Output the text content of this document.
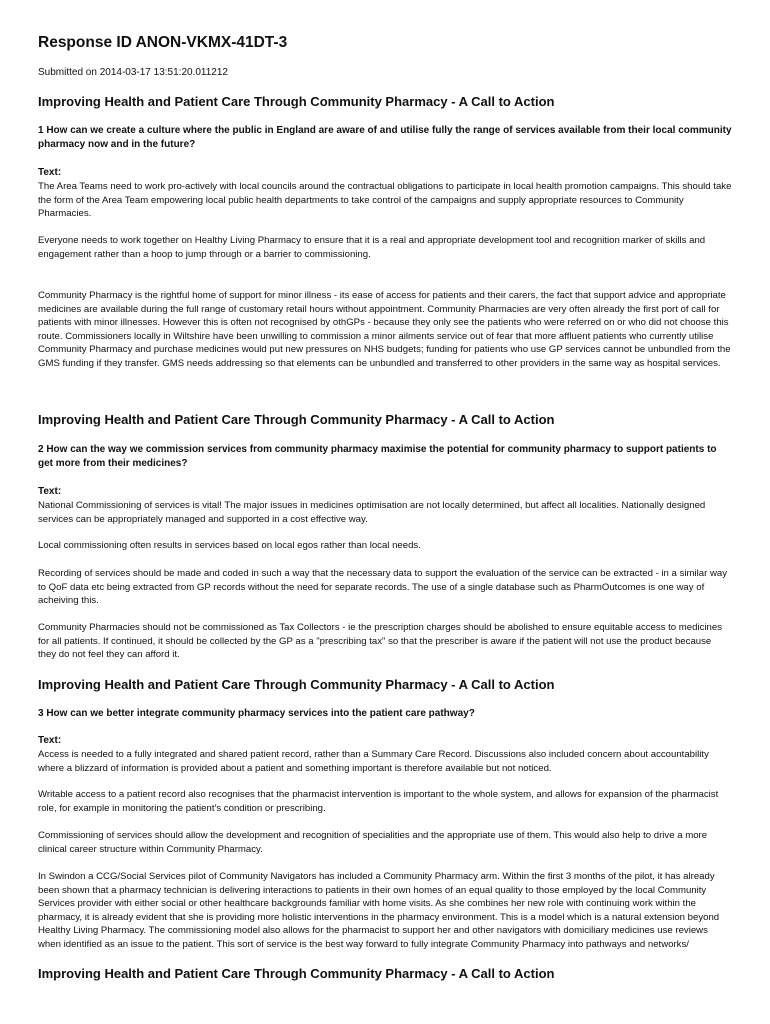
Response ID ANON-VKMX-41DT-3
Submitted on 2014-03-17 13:51:20.011212

Improving Health and Patient Care Through Community Pharmacy - A Call to Action

1 How can we create a culture where the public in England are aware of and utilise fully the range of services available from their local community pharmacy now and in the future?

Text:

The Area Teams need to work pro-actively with local councils around the contractual obligations to participate in local health promotion campaigns. This should take the form of the Area Team empowering local public health departments to take control of the campaigns and supply appropriate resources to Community Pharmacies.

Everyone needs to work together on Healthy Living Pharmacy to ensure that it is a real and appropriate development tool and recognition marker of skills and engagement rather than a hoop to jump through or a barrier to commissioning.

Community Pharmacy is the rightful home of support for minor illness - its ease of access for patients and their carers, the fact that support advice and appropriate medicines are available during the full range of customary retail hours without appointment. Community Pharmacies are very often already the first port of call for patients with minor illnesses. However this is often not recognised by othGPs - because they only see the patients who were referred on or who did not choose this route. Commissioners locally in Wiltshire have been unwilling to commission a minor ailments service out of fear that more affluent patients who currently utilise Community Pharmacy and purchase medicines would put new pressures on NHS budgets; funding for patients who use GP services cannot be unbundled from the GMS funding if they transfer. GMS needs addressing so that elements can be unbundled and transferred to other providers in the same way as hospital services.

Improving Health and Patient Care Through Community Pharmacy - A Call to Action

2 How can the way we commission services from community pharmacy maximise the potential for community pharmacy to support patients to get more from their medicines?

Text:

National Commissioning of services is vital! The major issues in medicines optimisation are not locally determined, but affect all localities. Nationally designed services can be appropriately managed and supported in a cost effective way.

Local commissioning often results in services based on local egos rather than local needs.

Recording of services should be made and coded in such a way that the necessary data to support the evaluation of the service can be extracted - in a similar way to QoF data etc being extracted from GP records without the need for separate records. The use of a single database such as PharmOutcomes is one way of acheiving this.

Community Pharmacies should not be commissioned as Tax Collectors - ie the prescription charges should be abolished to ensure equitable access to medicines for all patients. If continued, it should be collected by the GP as a "prescribing tax" so that the prescriber is aware if the patient will not use the product because they do not feel they can afford it.

Improving Health and Patient Care Through Community Pharmacy - A Call to Action

3 How can we better integrate community pharmacy services into the patient care pathway?

Text:

Access is needed to a fully integrated and shared patient record, rather than a Summary Care Record. Discussions also included concern about accountability where a blizzard of information is provided about a patient and something important is therefore available but not noticed.

Writable access to a patient record also recognises that the pharmacist intervention is important to the whole system, and allows for expansion of the pharmacist role, for example in monitoring the patient's condition or prescribing.

Commissioning of services should allow the development and recognition of specialities and the appropriate use of them. This would also help to drive a more clinical career structure within Community Pharmacy.

In Swindon a CCG/Social Services pilot of Community Navigators has included a Community Pharmacy arm. Within the first 3 months of the pilot, it has already been shown that a pharmacy technician is delivering interactions to patients in their own homes of an equal quality to those employed by the local Community Services provider with either social or other healthcare backgrounds familiar with home visits. As she combines her new role with continuing work within the pharmacy, it is already evident that she is providing more holistic interventions in the pharmacy environment. This is a model which is a natural extension beyond Healthy Living Pharmacy. The commissioning model also allows for the pharmacist to support her and other navigators with domiciliary medicines use reviews when identified as an issue to the patient. This sort of service is the best way forward to fully integrate Community Pharmacy into pathways and networks/

Improving Health and Patient Care Through Community Pharmacy - A Call to Action
